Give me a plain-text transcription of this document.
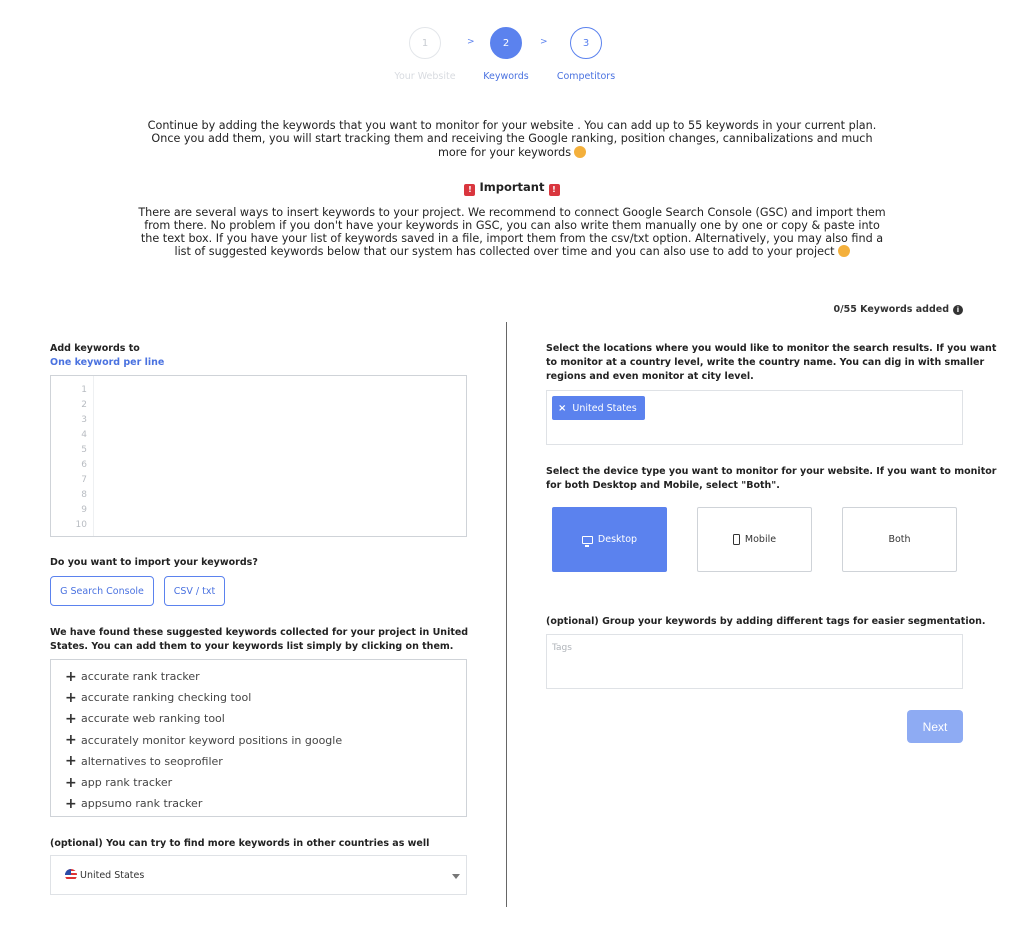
1	>	2	>	3
Your Website	Keywords	Competitors
Continue by adding the keywords that you want to monitor for your website . You can add up to 55 keywords in your current plan.
Once you add them, you will start tracking them and receiving the Google ranking, position changes, cannibalizations and much
more for your keywords
! Important !
There are several ways to insert keywords to your project. We recommend to connect Google Search Console (GSC) and import them
from there. No problem if you don't have your keywords in GSC, you can also write them manually one by one or copy & paste into
the text box. If you have your list of keywords saved in a file, import them from the csv/txt option. Alternatively, you may also find a
list of suggested keywords below that our system has collected over time and you can also use to add to your project
0/55 Keywords added	i
Add keywords to
One keyword per line
1
2
3
4
5
6
7
8
9
10
Do you want to import your keywords?
G Search Console	CSV / txt
We have found these suggested keywords collected for your project in United
States. You can add them to your keywords list simply by clicking on them.
+ accurate rank tracker
+ accurate ranking checking tool
+ accurate web ranking tool
+ accurately monitor keyword positions in google
+ alternatives to seoprofiler
+ app rank tracker
+ appsumo rank tracker
(optional) You can try to find more keywords in other countries as well
United States
Select the locations where you would like to monitor the search results. If you want
to monitor at a country level, write the country name. You can dig in with smaller
regions and even monitor at city level.
× United States
Select the device type you want to monitor for your website. If you want to monitor
for both Desktop and Mobile, select "Both".
Desktop	Mobile	Both
(optional) Group your keywords by adding different tags for easier segmentation.
Tags
Next
